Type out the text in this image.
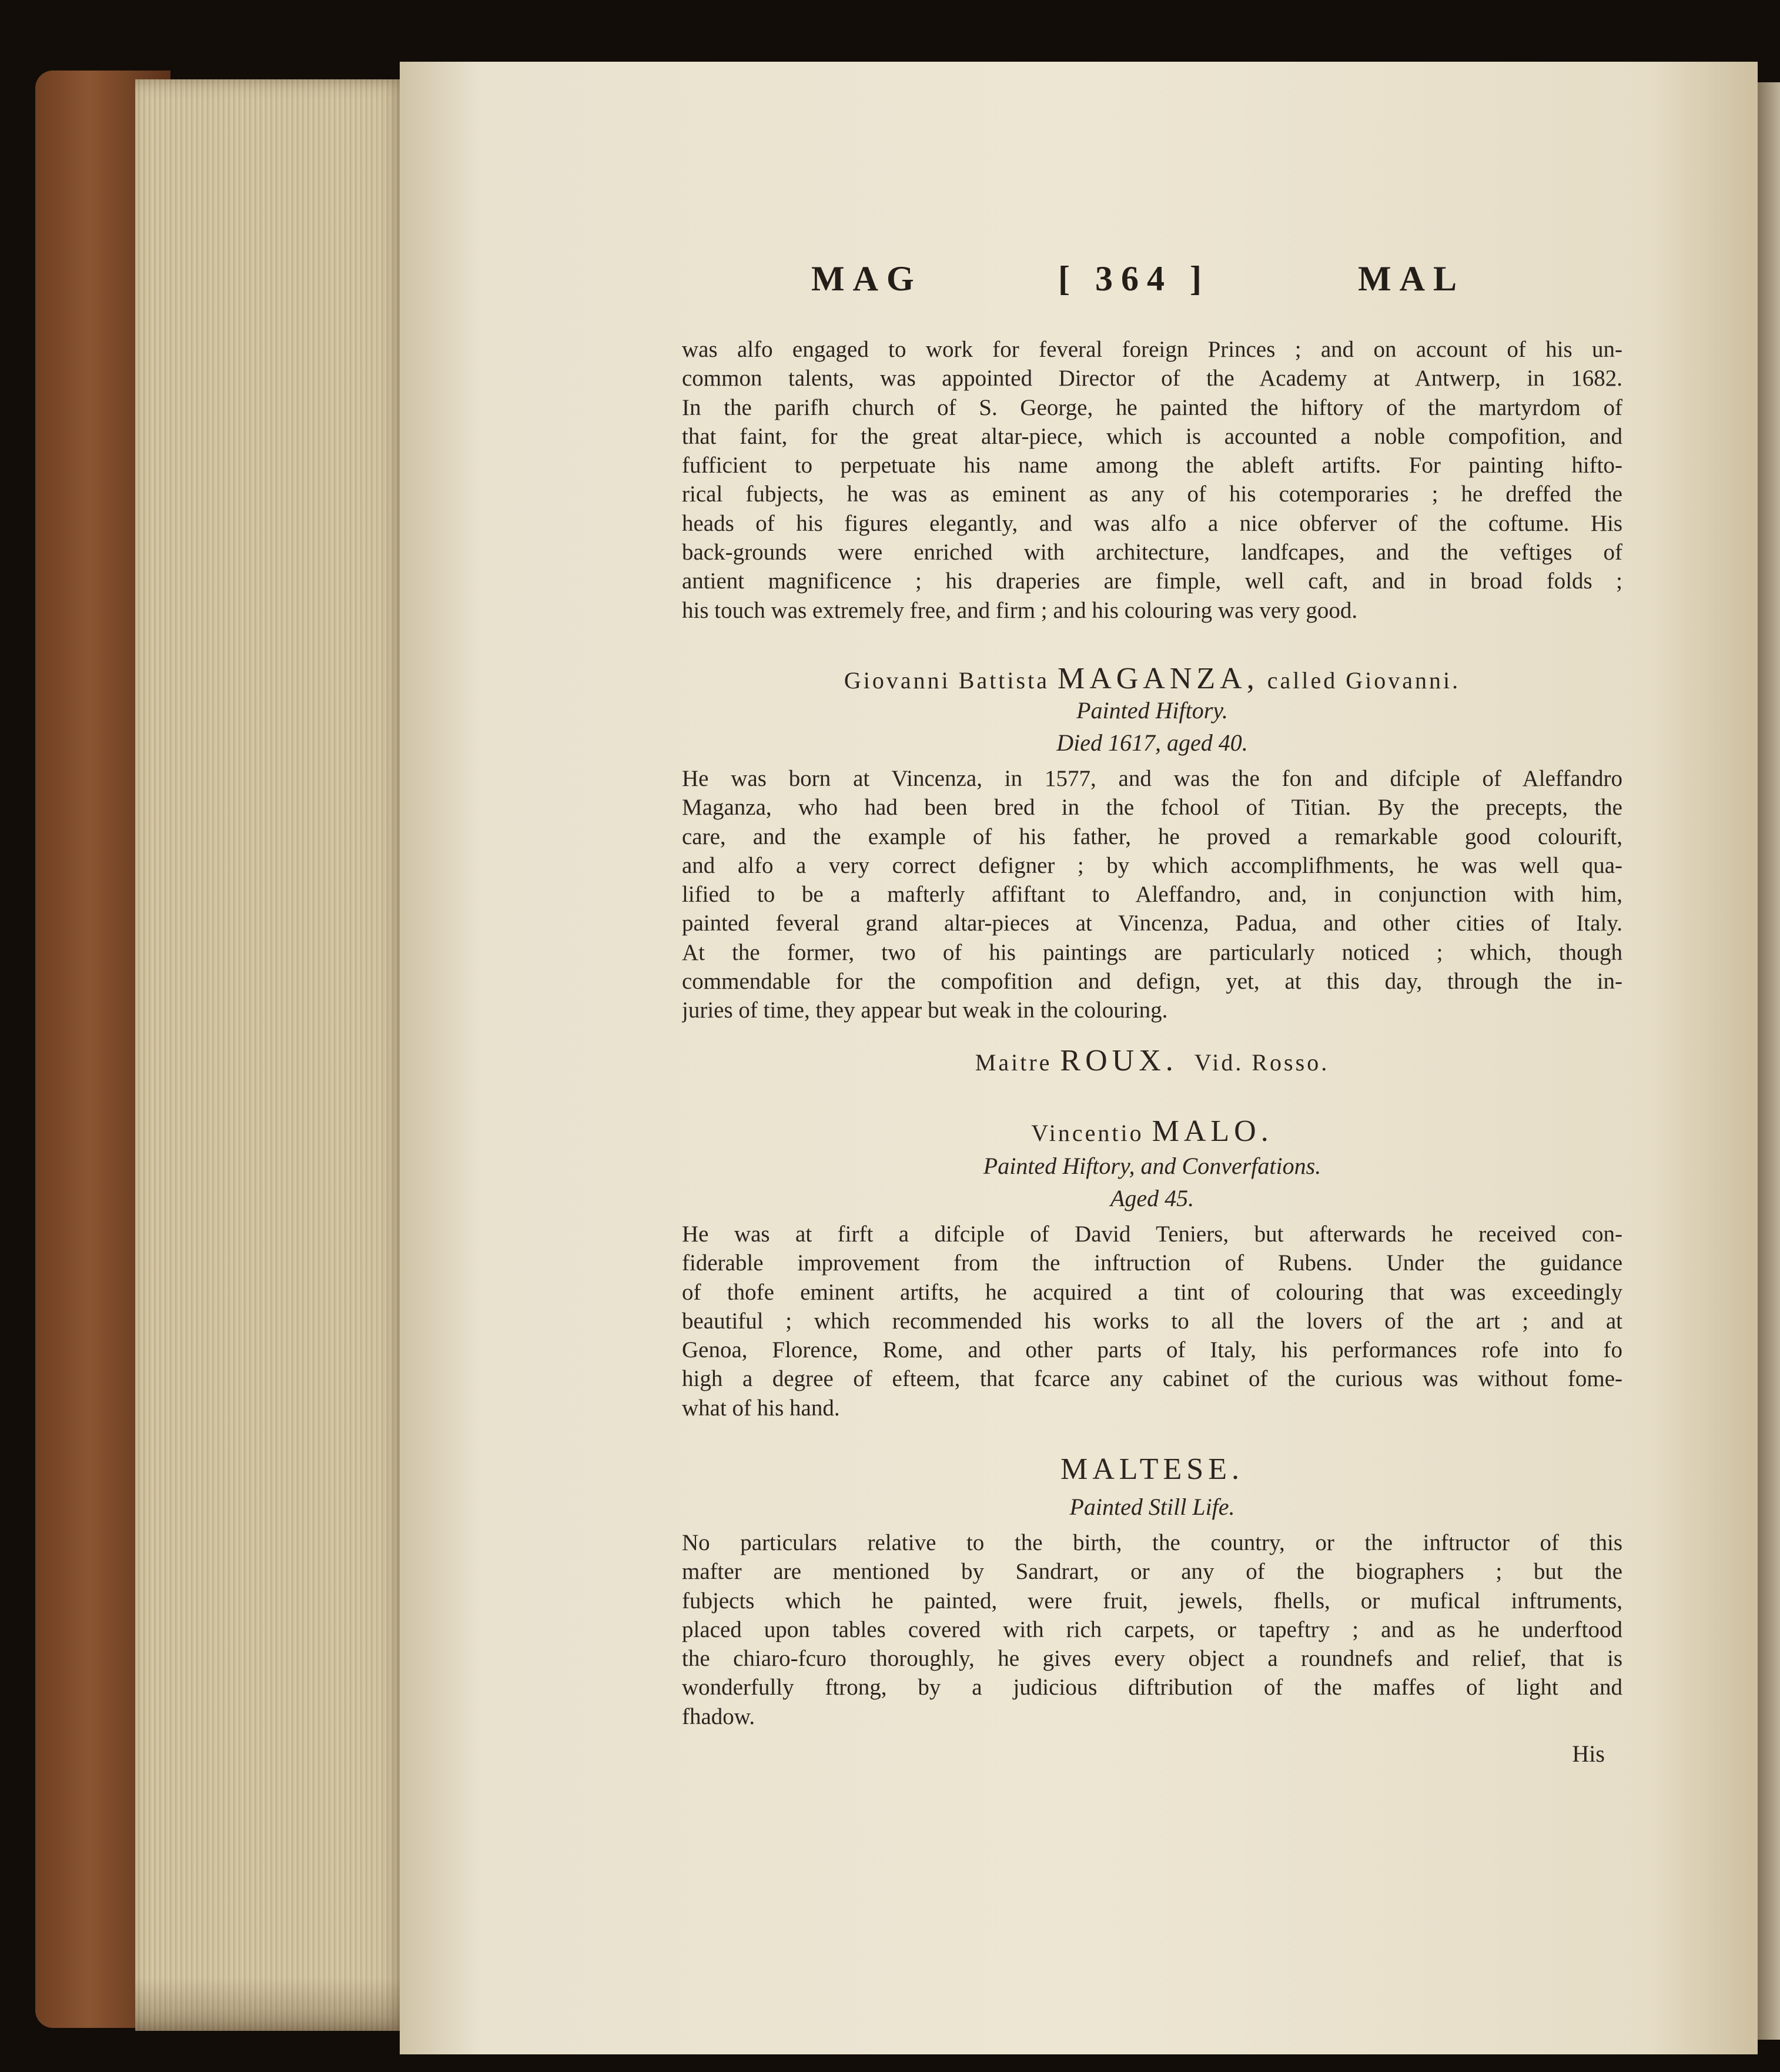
MAG	[ 364 ]	MAL
was alfo engaged to work for feveral foreign Princes ; and on account of his un-
common talents, was appointed Director of the Academy at Antwerp, in 1682.
In the parifh church of S. George, he painted the hiftory of the martyrdom of
that faint, for the great altar-piece, which is accounted a noble compofition, and
fufficient to perpetuate his name among the ableft artifts. For painting hifto-
rical fubjects, he was as eminent as any of his cotemporaries ; he dreffed the
heads of his figures elegantly, and was alfo a nice obferver of the coftume. His
back-grounds were enriched with architecture, landfcapes, and the veftiges of
antient magnificence ; his draperies are fimple, well caft, and in broad folds ;
his touch was extremely free, and firm ; and his colouring was very good.
Giovanni Battista MAGANZA, called Giovanni.
Painted Hiftory.
Died 1617, aged 40.
He was born at Vincenza, in 1577, and was the fon and difciple of Aleffandro
Maganza, who had been bred in the fchool of Titian. By the precepts, the
care, and the example of his father, he proved a remarkable good colourift,
and alfo a very correct defigner ; by which accomplifhments, he was well qua-
lified to be a mafterly affiftant to Aleffandro, and, in conjunction with him,
painted feveral grand altar-pieces at Vincenza, Padua, and other cities of Italy.
At the former, two of his paintings are particularly noticed ; which, though
commendable for the compofition and defign, yet, at this day, through the in-
juries of time, they appear but weak in the colouring.
Maitre ROUX. Vid. Rosso.
Vincentio MALO.
Painted Hiftory, and Converfations.
Aged 45.
He was at firft a difciple of David Teniers, but afterwards he received con-
fiderable improvement from the inftruction of Rubens. Under the guidance
of thofe eminent artifts, he acquired a tint of colouring that was exceedingly
beautiful ; which recommended his works to all the lovers of the art ; and at
Genoa, Florence, Rome, and other parts of Italy, his performances rofe into fo
high a degree of efteem, that fcarce any cabinet of the curious was without fome-
what of his hand.
MALTESE.
Painted Still Life.
No particulars relative to the birth, the country, or the inftructor of this
mafter are mentioned by Sandrart, or any of the biographers ; but the
fubjects which he painted, were fruit, jewels, fhells, or mufical inftruments,
placed upon tables covered with rich carpets, or tapeftry ; and as he underftood
the chiaro-fcuro thoroughly, he gives every object a roundnefs and relief, that is
wonderfully ftrong, by a judicious diftribution of the maffes of light and
fhadow.
His
